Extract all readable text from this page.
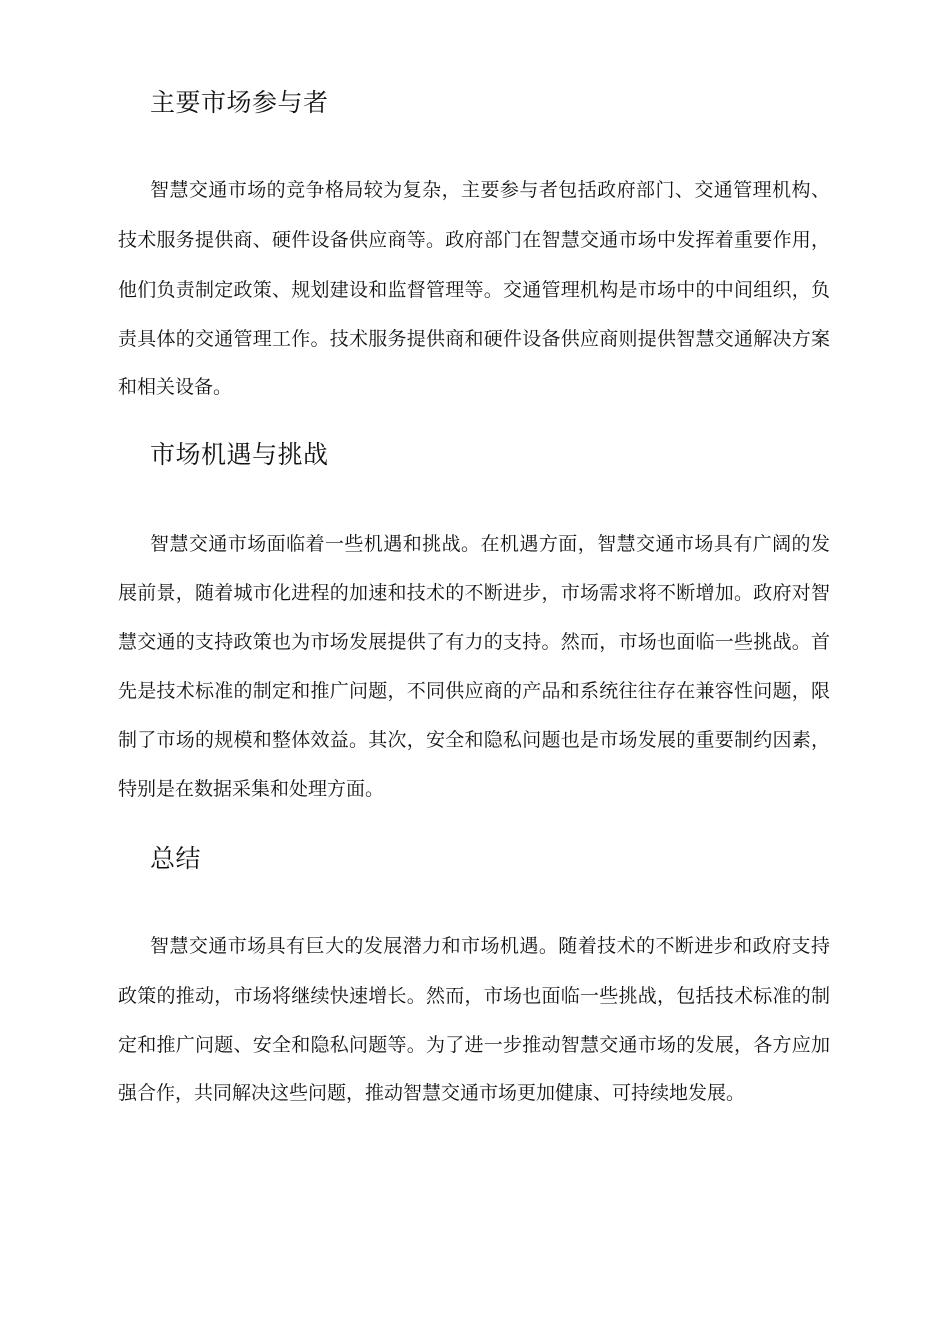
主要市场参与者
智慧交通市场的竞争格局较为复杂，主要参与者包括政府部门、交通管理机构、
技术服务提供商、硬件设备供应商等。政府部门在智慧交通市场中发挥着重要作用，
他们负责制定政策、规划建设和监督管理等。交通管理机构是市场中的中间组织，负
责具体的交通管理工作。技术服务提供商和硬件设备供应商则提供智慧交通解决方案
和相关设备。
市场机遇与挑战
智慧交通市场面临着一些机遇和挑战。在机遇方面，智慧交通市场具有广阔的发
展前景，随着城市化进程的加速和技术的不断进步，市场需求将不断增加。政府对智
慧交通的支持政策也为市场发展提供了有力的支持。然而，市场也面临一些挑战。首
先是技术标准的制定和推广问题，不同供应商的产品和系统往往存在兼容性问题，限
制了市场的规模和整体效益。其次，安全和隐私问题也是市场发展的重要制约因素，
特别是在数据采集和处理方面。
总结
智慧交通市场具有巨大的发展潜力和市场机遇。随着技术的不断进步和政府支持
政策的推动，市场将继续快速增长。然而，市场也面临一些挑战，包括技术标准的制
定和推广问题、安全和隐私问题等。为了进一步推动智慧交通市场的发展，各方应加
强合作，共同解决这些问题，推动智慧交通市场更加健康、可持续地发展。
